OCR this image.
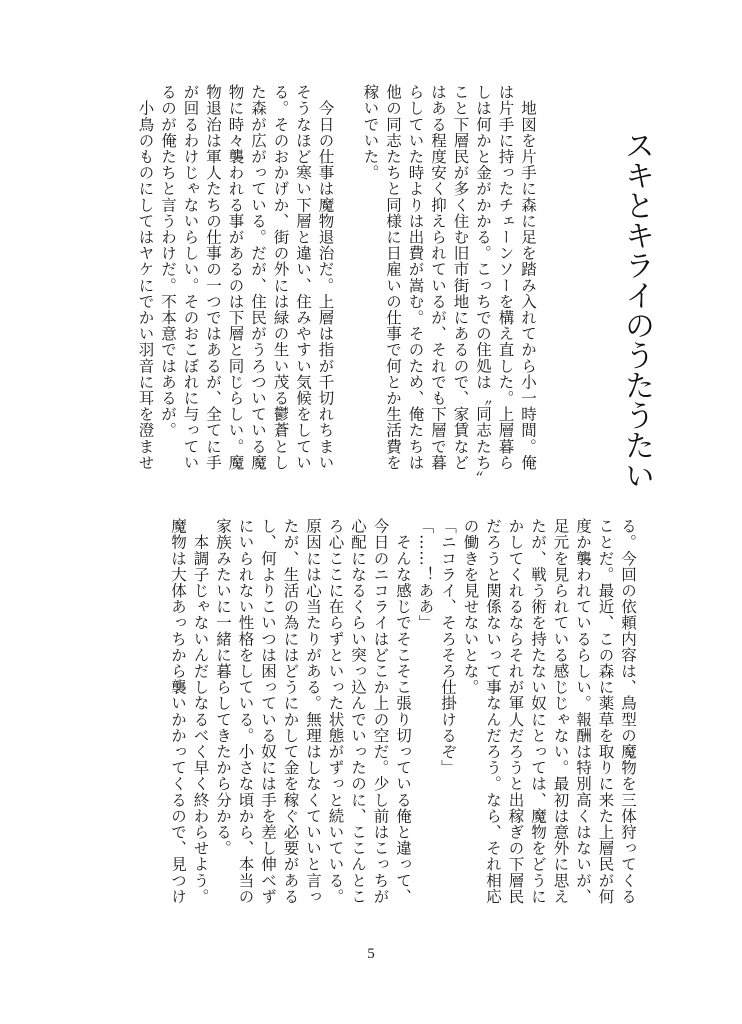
スキとキライのうたうたい
　地図を片手に森に足を踏み入れてから小一時間。俺
は片手に持ったチェーンソーを構え直した。上層暮ら
しは何かと金がかかる。こっちでの住処は〝同志たち〟
こと下層民が多く住む旧市街地にあるので、家賃など
はある程度安く抑えられているが、それでも下層で暮
らしていた時よりは出費が嵩む。そのため、俺たちは
他の同志たちと同様に日雇いの仕事で何とか生活費を
稼いでいた。
　今日の仕事は魔物退治だ。上層は指が千切れちまい
そうなほど寒い下層と違い、住みやすい気候をしてい
る。そのおかげか、街の外には緑の生い茂る鬱蒼とし
た森が広がっている。だが、住民がうろついている魔
物に時々襲われる事があるのは下層と同じらしい。魔
物退治は軍人たちの仕事の一つではあるが、全てに手
が回るわけじゃないらしい。そのおこぼれに与ってい
るのが俺たちと言うわけだ。不本意ではあるが。
　小鳥のものにしてはヤケにでかい羽音に耳を澄ませ
る。今回の依頼内容は、鳥型の魔物を三体狩ってくる
ことだ。最近、この森に薬草を取りに来た上層民が何
度か襲われているらしい。報酬は特別高くはないが、
足元を見られている感じじゃない。最初は意外に思え
たが、戦う術を持たない奴にとっては、魔物をどうに
かしてくれるならそれが軍人だろうと出稼ぎの下層民
だろうと関係ないって事なんだろう。なら、それ相応
の働きを見せないとな。
「ニコライ、そろそろ仕掛けるぞ」
「……！ああ」
　そんな感じでそこそこ張り切っている俺と違って、
今日のニコライはどこか上の空だ。少し前はこっちが
心配になるくらい突っ込んでいったのに、ここんとこ
ろ心ここに在らずといった状態がずっと続いている。
原因には心当たりがある。無理はしなくていいと言っ
たが、生活の為にはどうにかして金を稼ぐ必要がある
し、何よりこいつは困っている奴には手を差し伸べず
にいられない性格をしている。小さな頃から、本当の
家族みたいに一緒に暮らしてきたから分かる。
　本調子じゃないんだしなるべく早く終わらせよう。
魔物は大体あっちから襲いかかってくるので、見つけ
5
